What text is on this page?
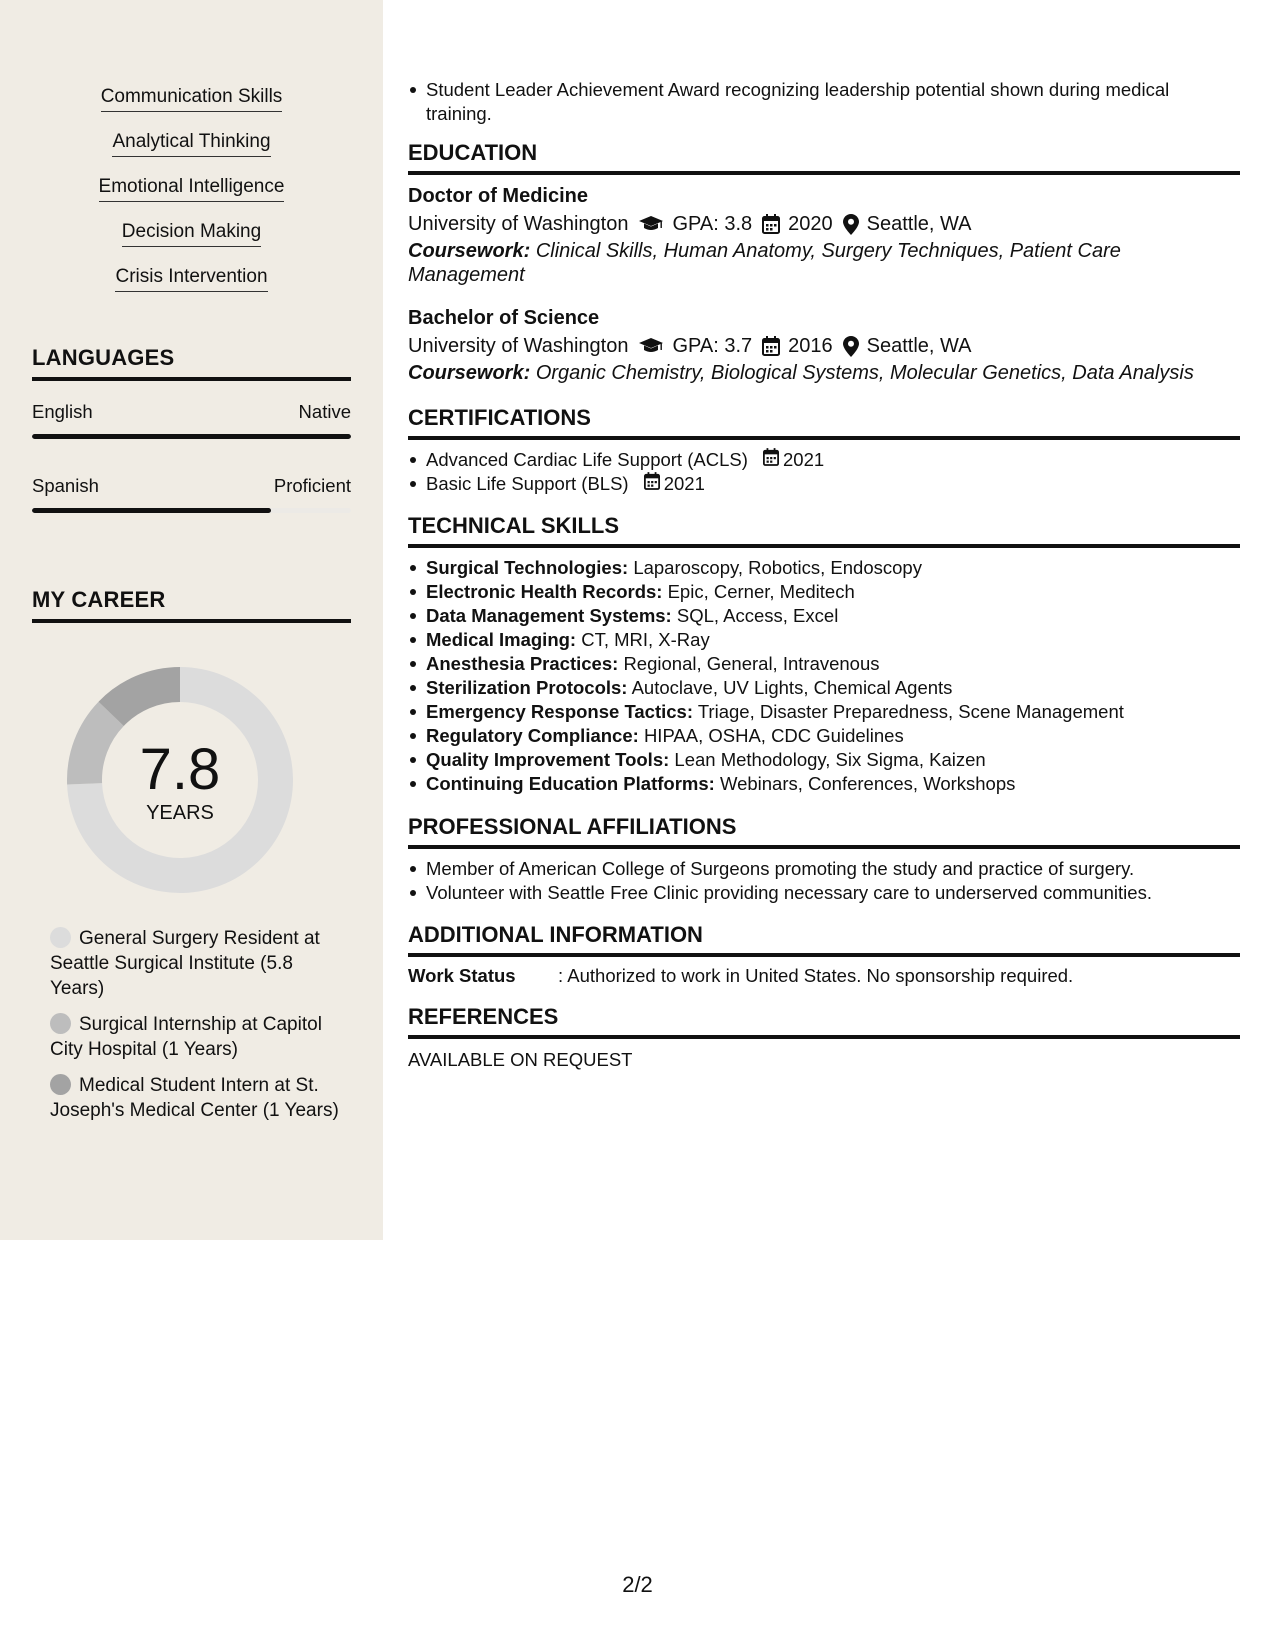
Communication Skills
Analytical Thinking
Emotional Intelligence
Decision Making
Crisis Intervention
LANGUAGES
English	Native
Spanish	Proficient
MY CAREER
7.8
YEARS
General Surgery Resident at Seattle Surgical Institute (5.8 Years)
Surgical Internship at Capitol City Hospital (1 Years)
Medical Student Intern at St. Joseph's Medical Center (1 Years)
Student Leader Achievement Award recognizing leadership potential shown during medical training.
EDUCATION
Doctor of Medicine
University of Washington GPA: 3.8 2020 Seattle, WA
Coursework: Clinical Skills, Human Anatomy, Surgery Techniques, Patient Care Management
Bachelor of Science
University of Washington GPA: 3.7 2016 Seattle, WA
Coursework: Organic Chemistry, Biological Systems, Molecular Genetics, Data Analysis
CERTIFICATIONS
Advanced Cardiac Life Support (ACLS) 2021
Basic Life Support (BLS) 2021
TECHNICAL SKILLS
Surgical Technologies: Laparoscopy, Robotics, Endoscopy
Electronic Health Records: Epic, Cerner, Meditech
Data Management Systems: SQL, Access, Excel
Medical Imaging: CT, MRI, X-Ray
Anesthesia Practices: Regional, General, Intravenous
Sterilization Protocols: Autoclave, UV Lights, Chemical Agents
Emergency Response Tactics: Triage, Disaster Preparedness, Scene Management
Regulatory Compliance: HIPAA, OSHA, CDC Guidelines
Quality Improvement Tools: Lean Methodology, Six Sigma, Kaizen
Continuing Education Platforms: Webinars, Conferences, Workshops
PROFESSIONAL AFFILIATIONS
Member of American College of Surgeons promoting the study and practice of surgery.
Volunteer with Seattle Free Clinic providing necessary care to underserved communities.
ADDITIONAL INFORMATION
Work Status	: Authorized to work in United States. No sponsorship required.
REFERENCES
AVAILABLE ON REQUEST
2/2
